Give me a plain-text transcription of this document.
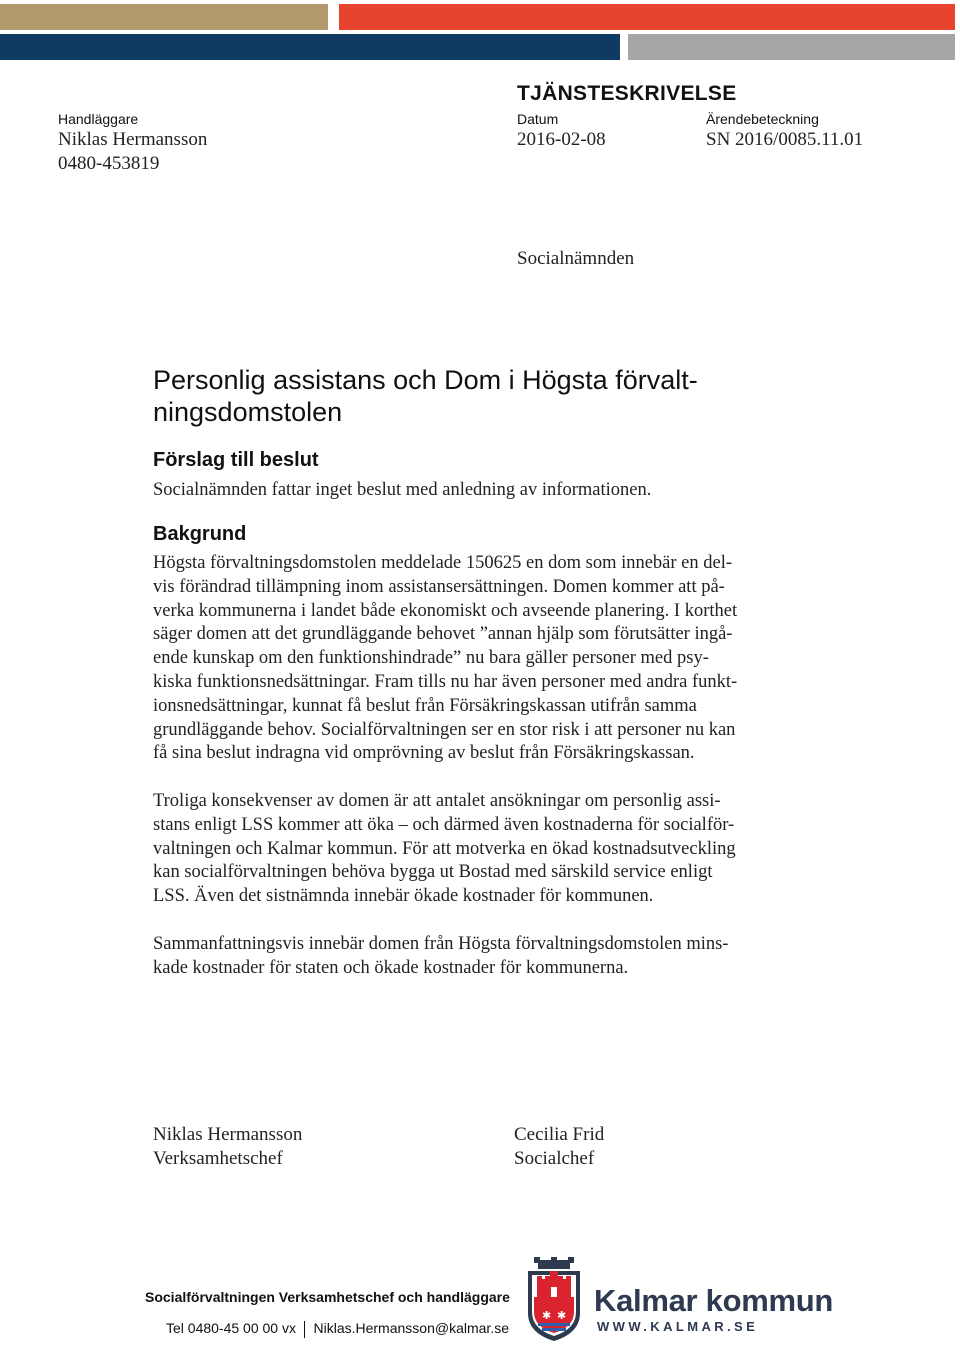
TJÄNSTESKRIVELSE
Handläggare
Niklas Hermansson
0480-453819
Datum
2016-02-08
Ärendebeteckning
SN 2016/0085.11.01
Socialnämnden
Personlig assistans och Dom i Högsta förvalt-
ningsdomstolen
Förslag till beslut
Socialnämnden fattar inget beslut med anledning av informationen.
Bakgrund

Högsta förvaltningsdomstolen meddelade 150625 en dom som innebär en del-

vis förändrad tillämpning inom assistansersättningen. Domen kommer att på-

verka kommunerna i landet både ekonomiskt och avseende planering. I korthet

säger domen att det grundläggande behovet ”annan hjälp som förutsätter ingå-

ende kunskap om den funktionshindrade” nu bara gäller personer med psy-

kiska funktionsnedsättningar. Fram tills nu har även personer med andra funkt-

ionsnedsättningar, kunnat få beslut från Försäkringskassan utifrån samma

grundläggande behov. Socialförvaltningen ser en stor risk i att personer nu kan

få sina beslut indragna vid omprövning av beslut från Försäkringskassan.

Troliga konsekvenser av domen är att antalet ansökningar om personlig assi-

stans enligt LSS kommer att öka – och därmed även kostnaderna för socialför-

valtningen och Kalmar kommun. För att motverka en ökad kostnadsutveckling

kan socialförvaltningen behöva bygga ut Bostad med särskild service enligt

LSS. Även det sistnämnda innebär ökade kostnader för kommunen.

Sammanfattningsvis innebär domen från Högsta förvaltningsdomstolen mins-

kade kostnader för staten och ökade kostnader för kommunerna.

Niklas Hermansson
Verksamhetschef
Cecilia Frid
Socialchef
Socialförvaltningen Verksamhetschef och handläggare
Tel 0480-45 00 00 vx Niklas.Hermansson@kalmar.se
✱ ✱ Kalmar kommun
WWW.KALMAR.SE
